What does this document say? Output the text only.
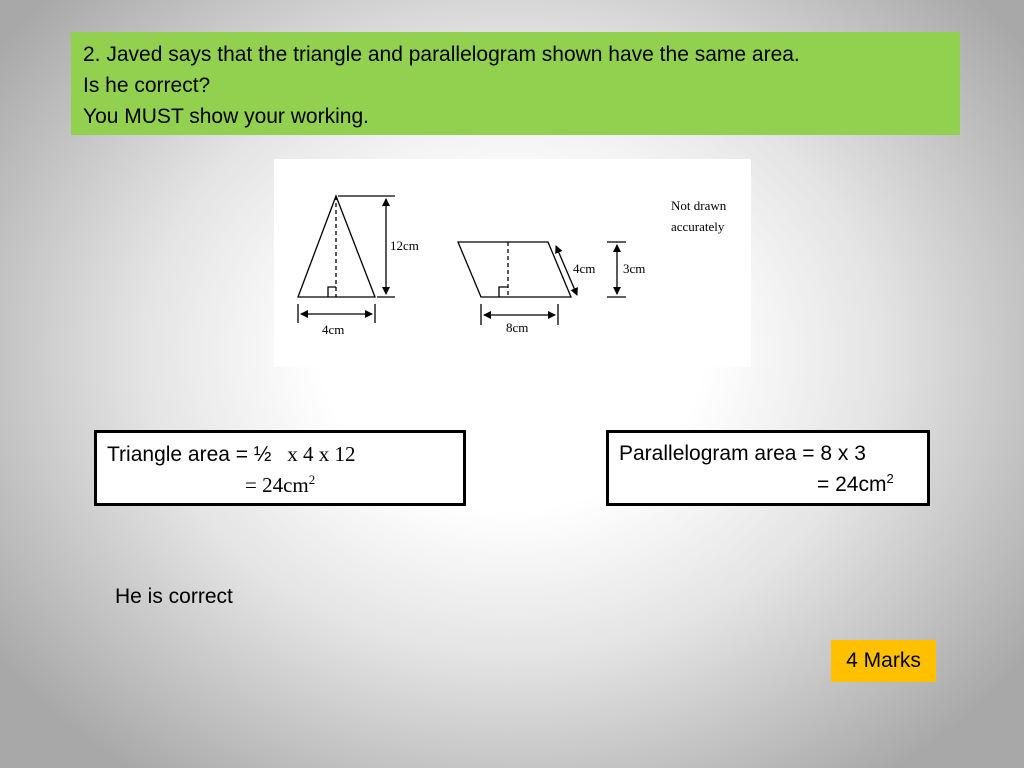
2. Javed says that the triangle and parallelogram shown have the same area.
Is he correct?
You MUST show your working.
12cm
4cm
4cm 3cm
8cm
Not drawn
accurately
Triangle area = ½ x 4 x 12
= $24cm^2$
Parallelogram area = 8 x 3
= $24cm^2$
He is correct
4 Marks
